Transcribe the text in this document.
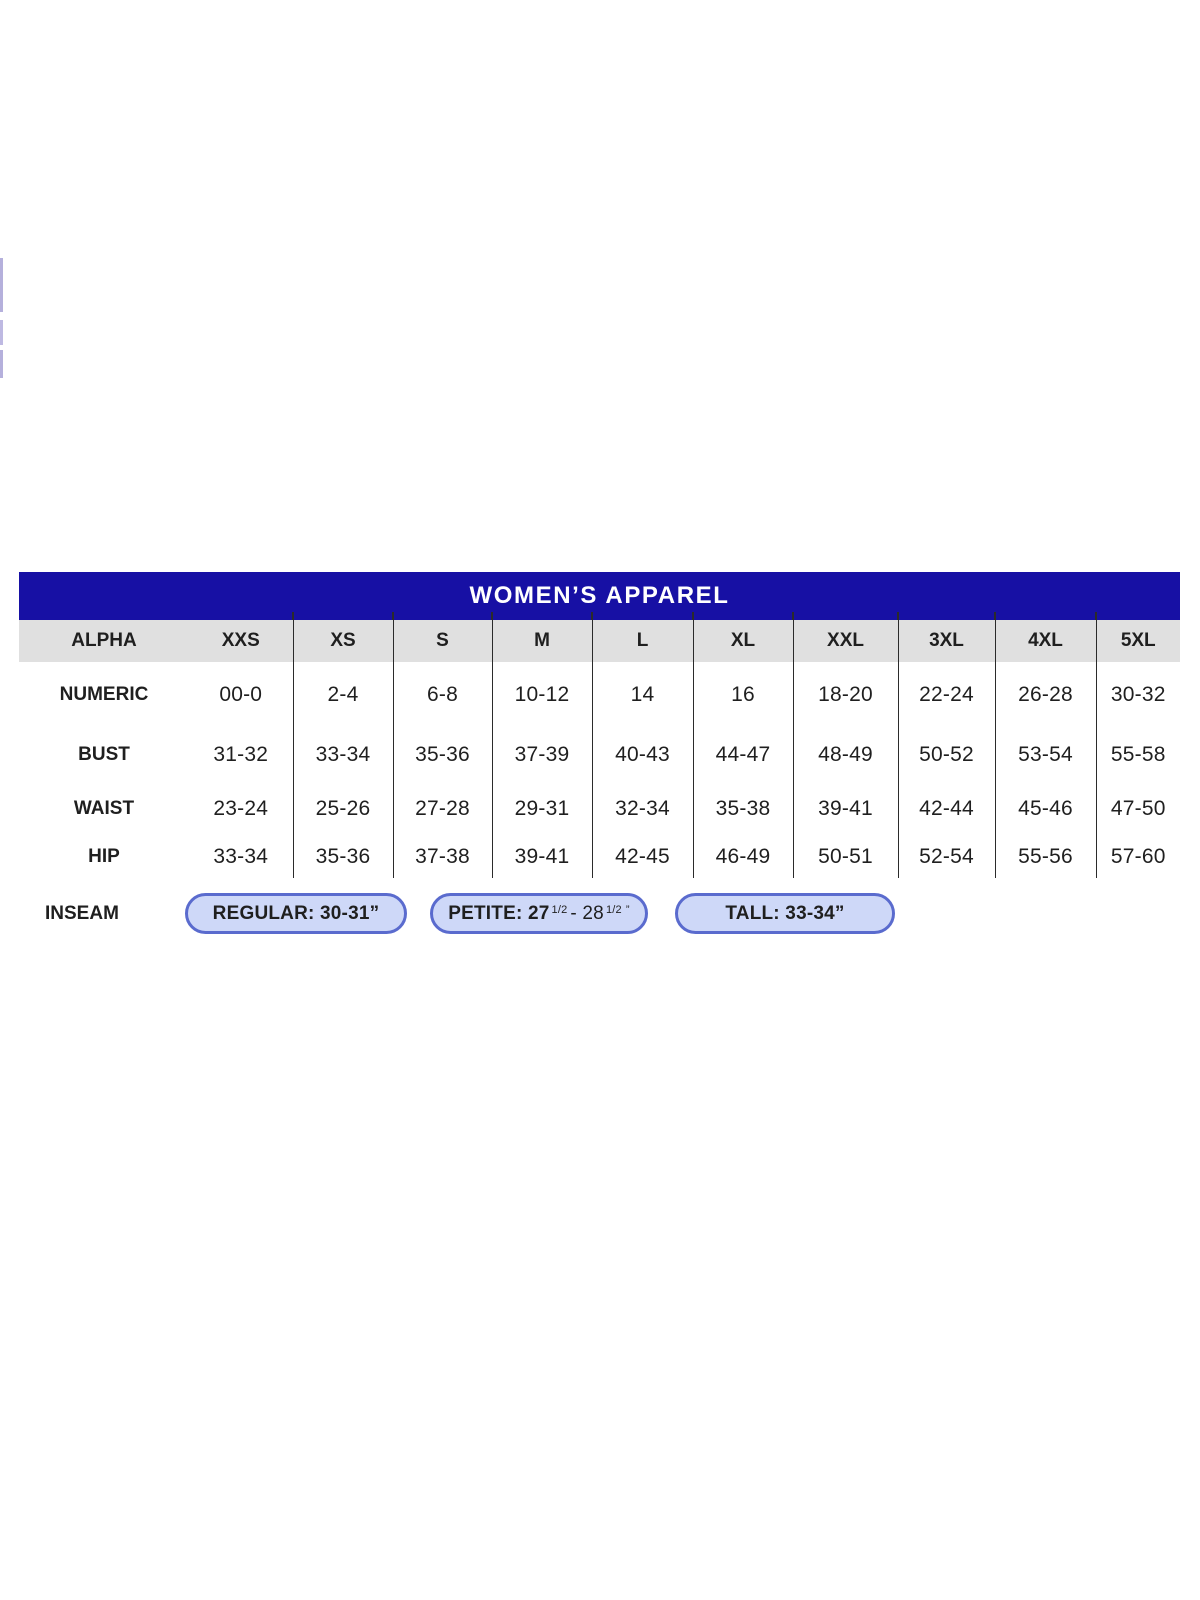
WOMEN’S APPAREL
ALPHA	XXS	XS	S	M	L	XL	XXL	3XL	4XL	5XL
NUMERIC	00-0	2-4	6-8	10-12	14	16	18-20	22-24	26-28	30-32
BUST	31-32	33-34	35-36	37-39	40-43	44-47	48-49	50-52	53-54	55-58
WAIST	23-24	25-26	27-28	29-31	32-34	35-38	39-41	42-44	45-46	47-50
HIP	33-34	35-36	37-38	39-41	42-45	46-49	50-51	52-54	55-56	57-60
INSEAM	REGULAR: 30-31”	PETITE: 27 $^{1/2}$ - 28 $^{1/2}$ ”	TALL: 33-34”
